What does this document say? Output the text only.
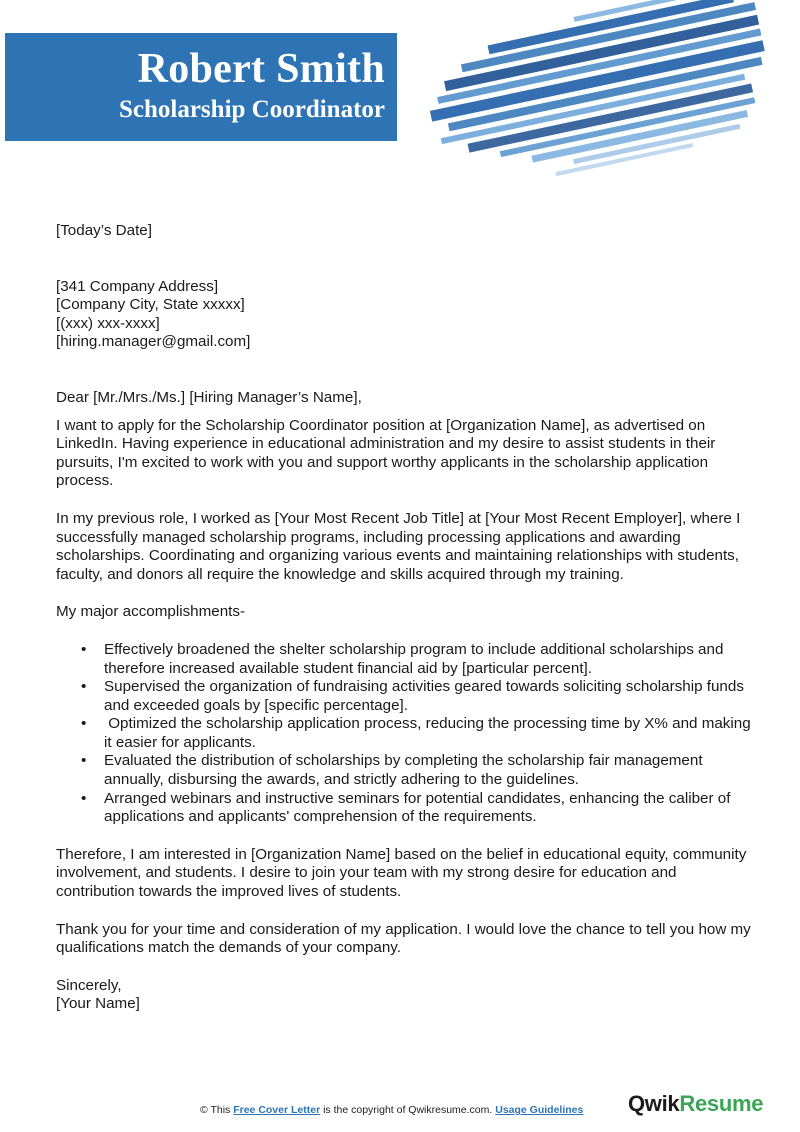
Robert Smith
Scholarship Coordinator

[Today’s Date]

[341 Company Address]

[Company City, State xxxxx]

[(xxx) xxx-xxxx]

[hiring.manager@gmail.com]

Dear [Mr./Mrs./Ms.] [Hiring Manager’s Name],

I want to apply for the Scholarship Coordinator position at [Organization Name], as advertised on LinkedIn. Having experience in educational administration and my desire to assist students in their pursuits, I'm excited to work with you and support worthy applicants in the scholarship application process.

In my previous role, I worked as [Your Most Recent Job Title] at [Your Most Recent Employer], where I successfully managed scholarship programs, including processing applications and awarding scholarships. Coordinating and organizing various events and maintaining relationships with students, faculty, and donors all require the knowledge and skills acquired through my training.

My major accomplishments-

• Effectively broadened the shelter scholarship program to include additional scholarships and therefore increased available student financial aid by [particular percent].
• Supervised the organization of fundraising activities geared towards soliciting scholarship funds and exceeded goals by [specific percentage].
• Optimized the scholarship application process, reducing the processing time by X% and making it easier for applicants.
• Evaluated the distribution of scholarships by completing the scholarship fair management annually, disbursing the awards, and strictly adhering to the guidelines.
• Arranged webinars and instructive seminars for potential candidates, enhancing the caliber of applications and applicants' comprehension of the requirements.

Therefore, I am interested in [Organization Name] based on the belief in educational equity, community involvement, and students. I desire to join your team with my strong desire for education and contribution towards the improved lives of students.

Thank you for your time and consideration of my application. I would love the chance to tell you how my qualifications match the demands of your company.

Sincerely,

[Your Name]

© This Free Cover Letter is the copyright of Qwikresume.com. Usage Guidelines QwikResume
